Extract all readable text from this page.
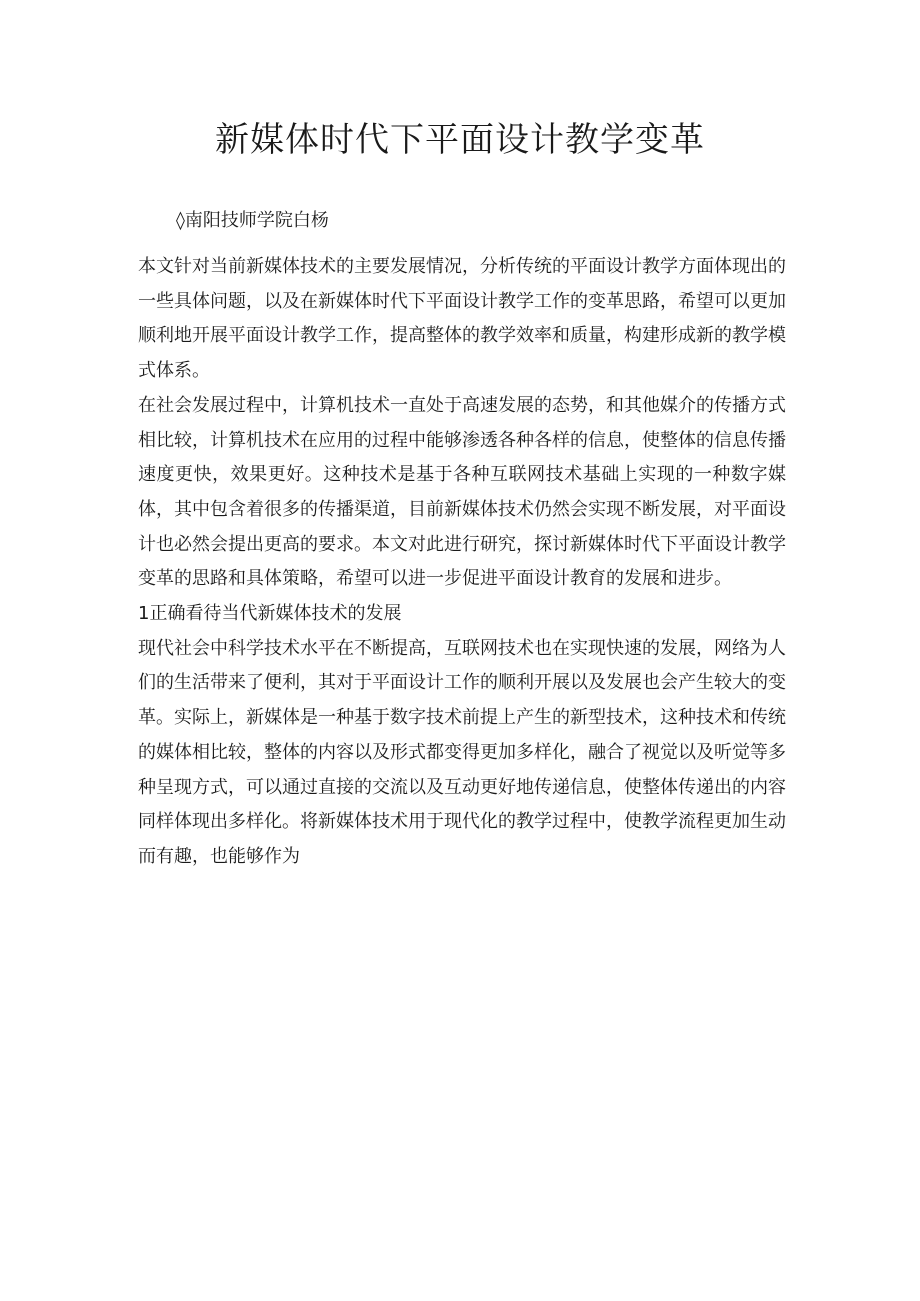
新媒体时代下平面设计教学变革

◊南阳技师学院白杨

本文针对当前新媒体技术的主要发展情况，分析传统的平面设计教学方面体现出的一些具体问题，以及在新媒体时代下平面设计教学工作的变革思路，希望可以更加顺利地开展平面设计教学工作，提高整体的教学效率和质量，构建形成新的教学模式体系。

在社会发展过程中，计算机技术一直处于高速发展的态势，和其他媒介的传播方式相比较，计算机技术在应用的过程中能够渗透各种各样的信息，使整体的信息传播速度更快，效果更好。这种技术是基于各种互联网技术基础上实现的一种数字媒体，其中包含着很多的传播渠道，目前新媒体技术仍然会实现不断发展，对平面设计也必然会提出更高的要求。本文对此进行研究，探讨新媒体时代下平面设计教学变革的思路和具体策略，希望可以进一步促进平面设计教育的发展和进步。

1正确看待当代新媒体技术的发展

现代社会中科学技术水平在不断提高，互联网技术也在实现快速的发展，网络为人们的生活带来了便利，其对于平面设计工作的顺利开展以及发展也会产生较大的变革。实际上，新媒体是一种基于数字技术前提上产生的新型技术，这种技术和传统的媒体相比较，整体的内容以及形式都变得更加多样化，融合了视觉以及听觉等多种呈现方式，可以通过直接的交流以及互动更好地传递信息，使整体传递出的内容同样体现出多样化。将新媒体技术用于现代化的教学过程中，使教学流程更加生动而有趣，也能够作为
